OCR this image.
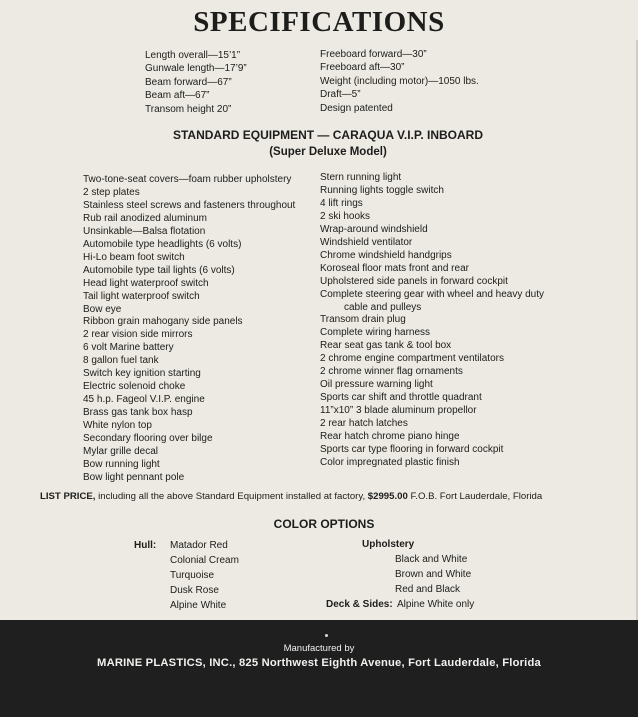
SPECIFICATIONS
Length overall—15’1”
Gunwale length—17’9”
Beam forward—67”
Beam aft—67”
Transom height 20”
Freeboard forward—30”
Freeboard aft—30”
Weight (including motor)—1050 lbs.
Draft—5”
Design patented
STANDARD EQUIPMENT — CARAQUA V.I.P. INBOARD
(Super Deluxe Model)
Two-tone-seat covers—foam rubber upholstery
2 step plates
Stainless steel screws and fasteners throughout
Rub rail anodized aluminum
Unsinkable—Balsa flotation
Automobile type headlights (6 volts)
Hi-Lo beam foot switch
Automobile type tail lights (6 volts)
Head light waterproof switch
Tail light waterproof switch
Bow eye
Ribbon grain mahogany side panels
2 rear vision side mirrors
6 volt Marine battery
8 gallon fuel tank
Switch key ignition starting
Electric solenoid choke
45 h.p. Fageol V.I.P. engine
Brass gas tank box hasp
White nylon top
Secondary flooring over bilge
Mylar grille decal
Bow running light
Bow light pennant pole
Stern running light
Running lights toggle switch
4 lift rings
2 ski hooks
Wrap-around windshield
Windshield ventilator
Chrome windshield handgrips
Koroseal floor mats front and rear
Upholstered side panels in forward cockpit
Complete steering gear with wheel and heavy duty
cable and pulleys
Transom drain plug
Complete wiring harness
Rear seat gas tank & tool box
2 chrome engine compartment ventilators
2 chrome winner flag ornaments
Oil pressure warning light
Sports car shift and throttle quadrant
11”x10” 3 blade aluminum propellor
2 rear hatch latches
Rear hatch chrome piano hinge
Sports car type flooring in forward cockpit
Color impregnated plastic finish
LIST PRICE, including all the above Standard Equipment installed at factory, $2995.00 F.O.B. Fort Lauderdale, Florida
COLOR OPTIONS
Hull: Matador Red
Colonial Cream
Turquoise
Dusk Rose
Alpine White
Upholstery
Black and White
Brown and White
Red and Black
Deck & Sides: Alpine White only
Manufactured by
MARINE PLASTICS, INC., 825 Northwest Eighth Avenue, Fort Lauderdale, Florida
